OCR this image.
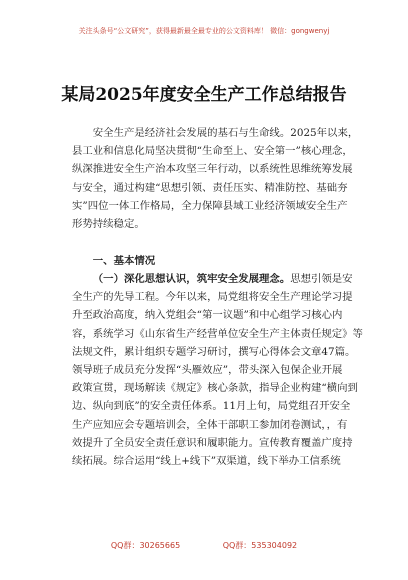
关注头条号“公文研究”，获得最新最全最专业的公文资料库！ 微信：gongwenyj
某局2025年度安全生产工作总结报告
安全生产是经济社会发展的基石与生命线。2025年以来，
县工业和信息化局坚决贯彻“生命至上、安全第一”核心理念，
纵深推进安全生产治本攻坚三年行动，以系统性思维统筹发展
与安全，通过构建“思想引领、责任压实、精准防控、基础夯
实”四位一体工作格局，全力保障县域工业经济领域安全生产
形势持续稳定。
一、基本情况
（一）深化思想认识，筑牢安全发展理念。思想引领是安
全生产的先导工程。今年以来，局党组将安全生产理论学习提
升至政治高度，纳入党组会“第一议题”和中心组学习核心内
容，系统学习《山东省生产经营单位安全生产主体责任规定》等
法规文件，累计组织专题学习研讨，撰写心得体会文章47篇。
领导班子成员充分发挥“头雁效应”，带头深入包保企业开展
政策宣贯，现场解读《规定》核心条款，指导企业构建“横向到
边、纵向到底”的安全责任体系。11月上旬，局党组召开安全
生产应知应会专题培训会，全体干部职工参加闭卷测试，，有
效提升了全员安全责任意识和履职能力。宣传教育覆盖广度持
续拓展。综合运用“线上+线下”双渠道，线下举办工信系统
QQ群：30265665	QQ群：535304092
